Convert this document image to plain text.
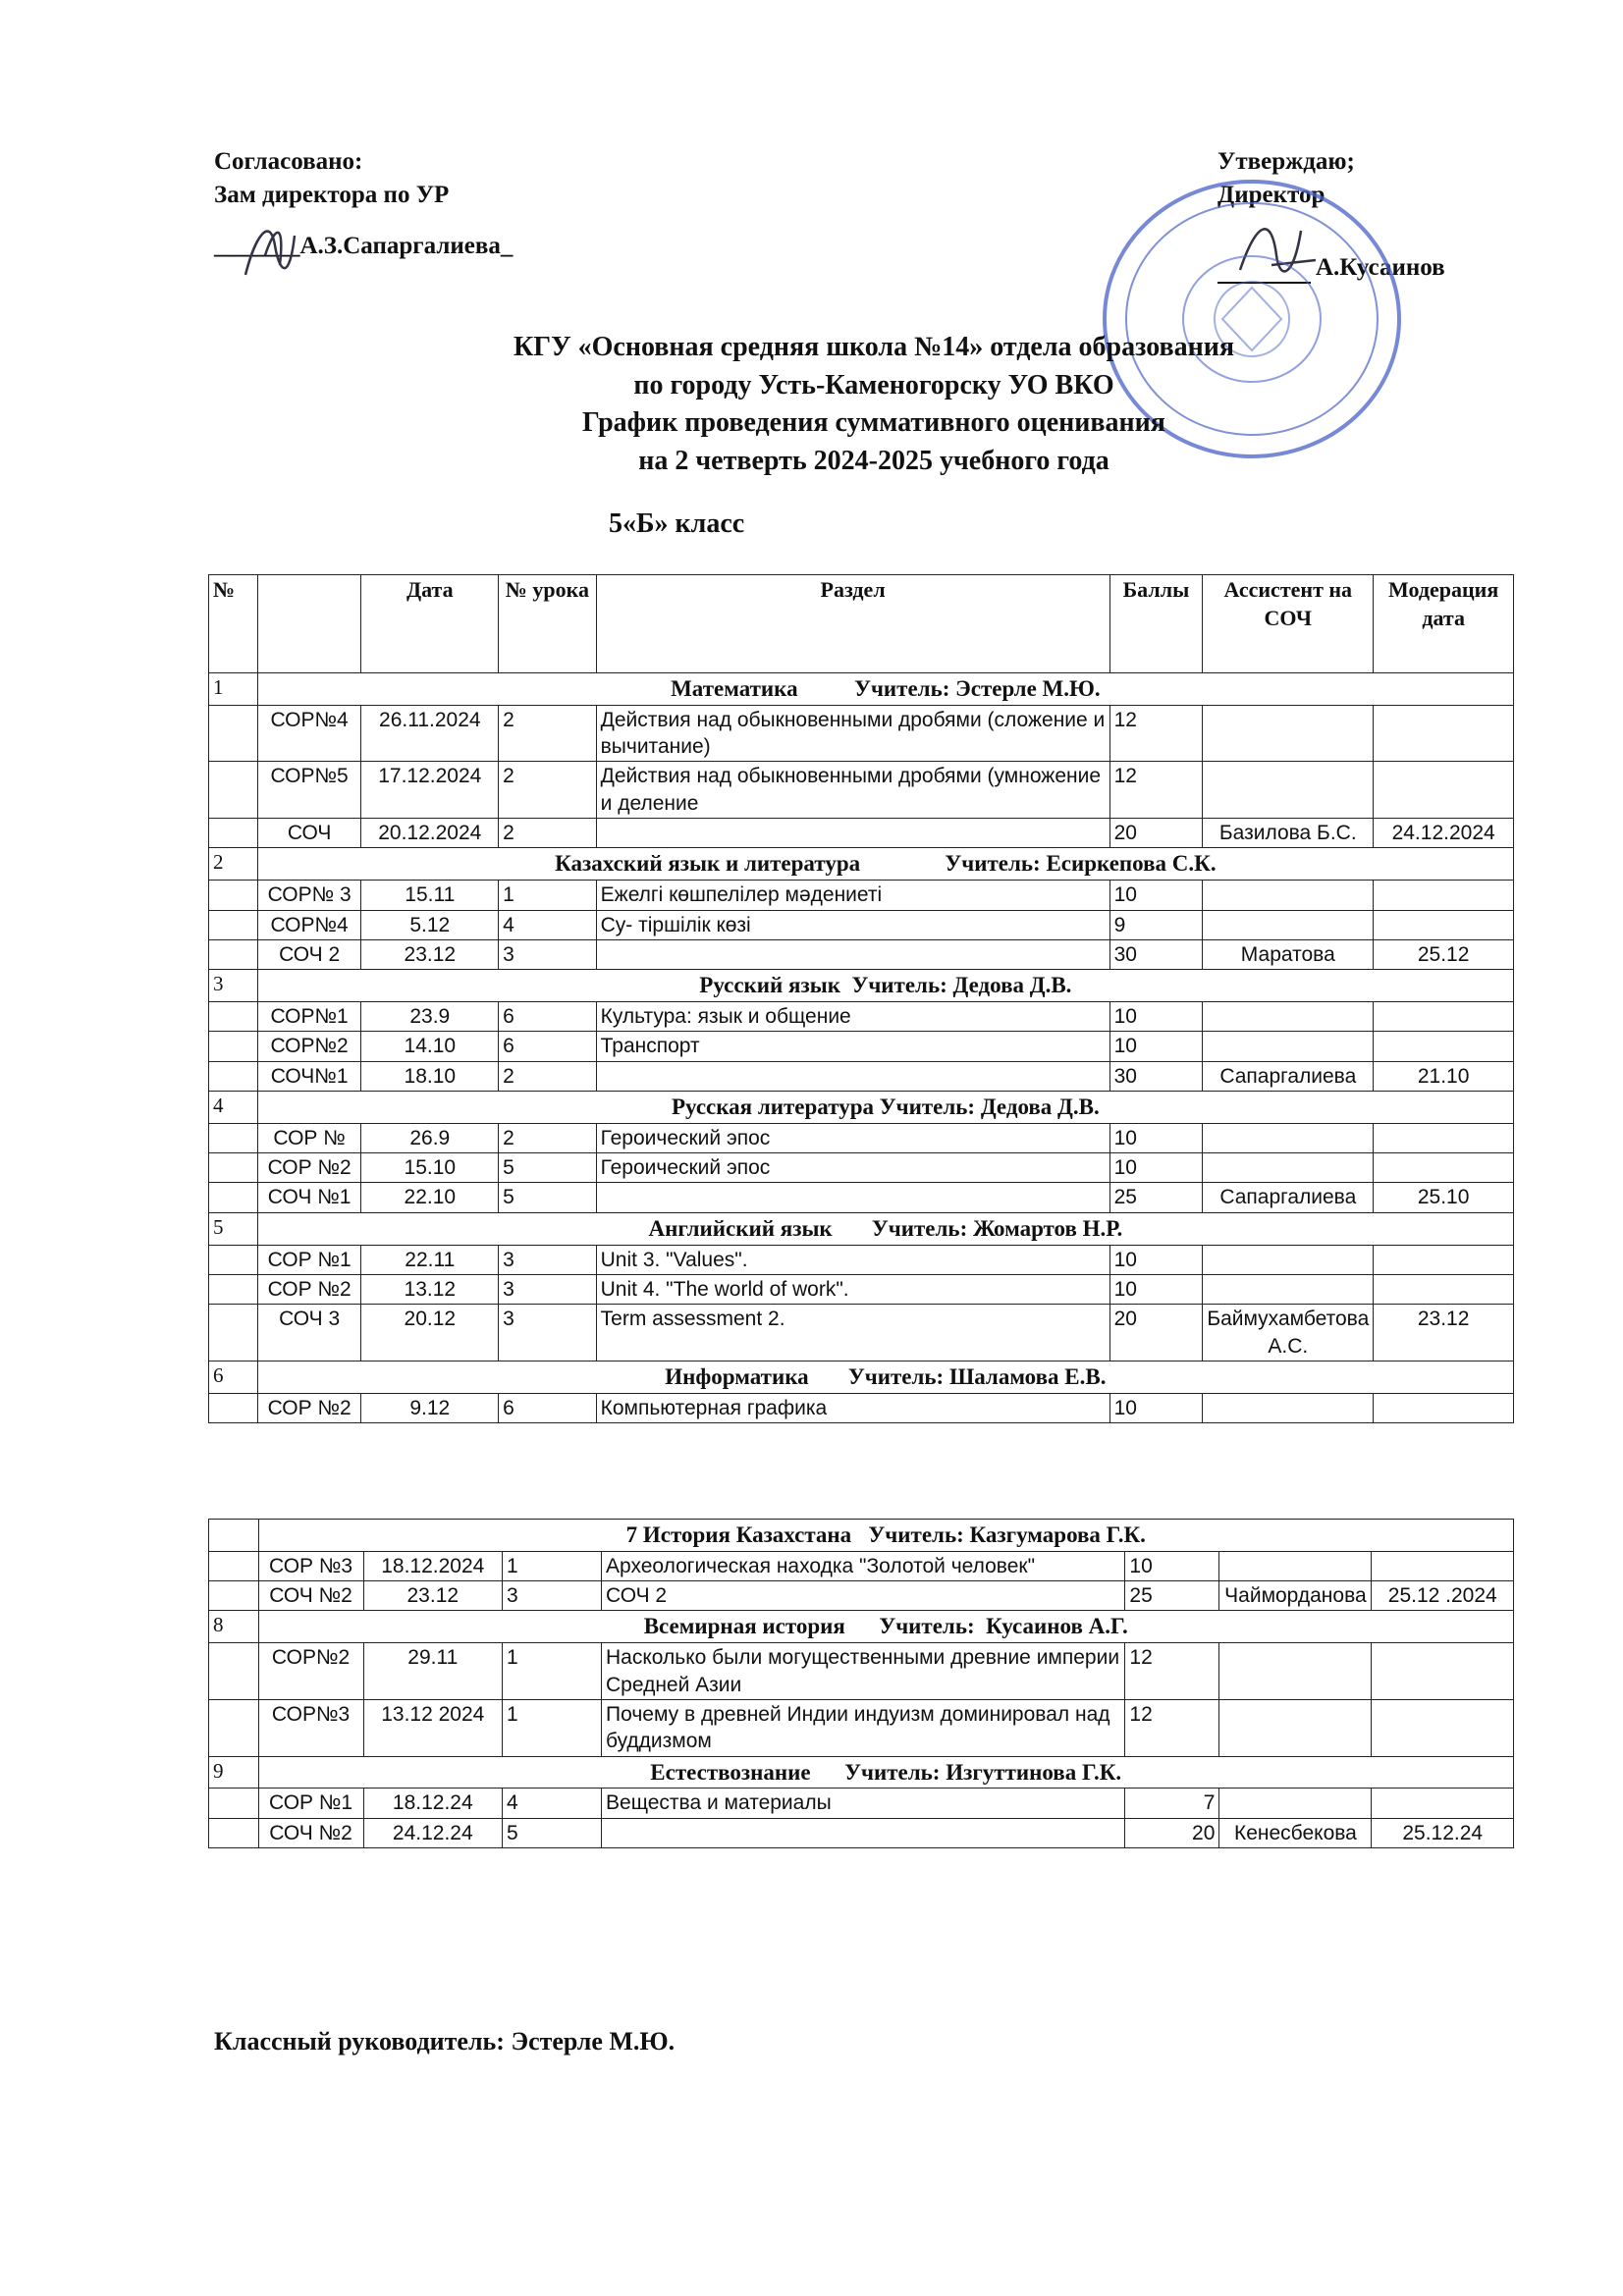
Согласовано:
Зам директора по УР
_______А.З.Сапаргалиева_
Утверждаю;
Директор
А.Кусаинов
КГУ «Основная средняя школа №14» отдела образования
по городу Усть-Каменогорску УО ВКО
График проведения суммативного оценивания
на 2 четверть 2024-2025 учебного года
5«Б» класс
№		Дата	№ урока	Раздел	Баллы	Ассистент на СОЧ	Модерация дата
1	Математика          Учитель: Эстерле М.Ю.						
	СОР№4	26.11.2024	2	Действия над обыкновенными дробями (сложение и вычитание)	12		
	СОР№5	17.12.2024	2	Действия над обыкновенными дробями (умножение и деление	12		
	СОЧ	20.12.2024	2		20	Базилова Б.С.	24.12.2024
2	Казахский язык и литература               Учитель: Есиркепова С.К.						
	СОР№ 3	15.11	1	Ежелгі көшпелілер мәдениеті	10		
	СОР№4	5.12	4	Су- тіршілік көзі	9		
	СОЧ 2	23.12	3		30	Маратова	25.12
3	Русский язык  Учитель: Дедова Д.В.						
	СОР№1	23.9	6	Культура: язык и общение	10		
	СОР№2	14.10	6	Транспорт	10		
	СОЧ№1	18.10	2		30	Сапаргалиева	21.10
4	Русская литература Учитель: Дедова Д.В.						
	СОР №	26.9	2	Героический эпос	10		
	СОР №2	15.10	5	Героический эпос	10		
	СОЧ №1	22.10	5		25	Сапаргалиева	25.10
5	Английский язык       Учитель: Жомартов Н.Р.						
	СОР №1	22.11	3	Unit 3. "Values".	10		
	СОР №2	13.12	3	Unit 4. "The world of work".	10		
	СОЧ 3	20.12	3	Term assessment 2.	20	Баймухамбетова А.С.	23.12
6	Информатика       Учитель: Шаламова Е.В.						
	СОР №2	9.12	6	Компьютерная графика	10		
	7 История Казахстана   Учитель: Казгумарова Г.К.						
	СОР №3	18.12.2024	1	Археологическая находка "Золотой человек"	10		
	СОЧ №2	23.12	3	СОЧ 2	25	Чайморданова	25.12 .2024
8	Всемирная история      Учитель:  Кусаинов А.Г.						
	СОР№2	29.11	1	Насколько были могущественными древние империи Средней Азии	12		
	СОР№3	13.12 2024	1	Почему в древней Индии индуизм доминировал над буддизмом	12		
9	Естествознание      Учитель: Изгуттинова Г.К.						
	СОР №1	18.12.24	4	Вещества и материалы	7		
	СОЧ №2	24.12.24	5		20	Кенесбекова	25.12.24
Классный руководитель: Эстерле М.Ю.
